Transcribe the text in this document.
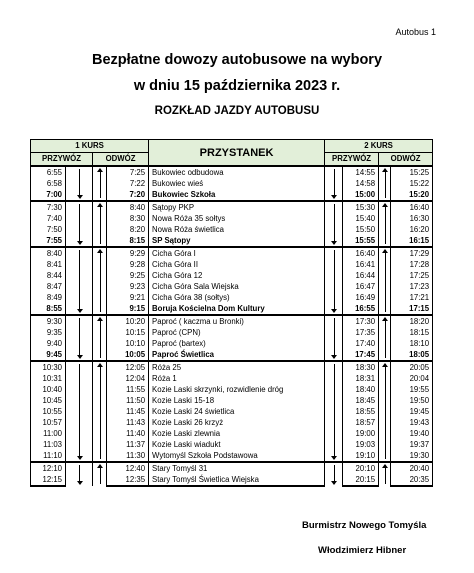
Autobus 1
Bezpłatne dowozy autobusowe na wybory
w dniu 15 października 2023 r.
ROZKŁAD JAZDY AUTOBUSU
1 KURS				PRZYSTANEK	2 KURS			
PRZYWÓZ		ODWÓZ			PRZYWÓZ		ODWÓZ	
6:55			7:25	Bukowiec odbudowa		14:55		15:25
6:58			7:22	Bukowiec wieś		14:58		15:22
7:00			7:20	Bukowiec Szkoła		15:00		15:20
7:30			8:40	Sątopy PKP		15:30		16:40
7:40			8:30	Nowa Róża 35 sołtys		15:40		16:30
7:50			8:20	Nowa Róża świetlica		15:50		16:20
7:55			8:15	SP Sątopy		15:55		16:15
8:40			9:29	Cicha Góra I		16:40		17:29
8:41			9:28	Cicha Góra II		16:41		17:28
8:44			9:25	Cicha Góra 12		16:44		17:25
8:47			9:23	Cicha Góra Sala Wiejska		16:47		17:23
8:49			9:21	Cicha Góra 38 (sołtys)		16:49		17:21
8:55			9:15	Boruja Kościelna Dom Kultury		16:55		17:15
9:30			10:20	Paproć ( kaczma u Bronki)		17:30		18:20
9:35			10:15	Paproć (CPN)		17:35		18:15
9:40			10:10	Paproć (bartex)		17:40		18:10
9:45			10:05	Paproć Świetlica		17:45		18:05
10:30			12:05	Róża 25		18:30		20:05
10:31			12:04	Róża 1		18:31		20:04
10:40			11:55	Kozie Laski skrzynki, rozwidlenie dróg		18:40		19:55
10:45			11:50	Kozie Laski 15-18		18:45		19:50
10:55			11:45	Kozie Laski 24 świetlica		18:55		19:45
10:57			11:43	Kozie Laski 26 krzyż		18:57		19:43
11:00			11:40	Kozie Laski zlewnia		19:00		19:40
11:03			11:37	Kozie Laski wiadukt		19:03		19:37
11:10			11:30	Wytomyśl Szkoła Podstawowa		19:10		19:30
12:10			12:40	Stary Tomyśl 31		20:10		20:40
12:15			12:35	Stary Tomyśl Świetlica Wiejska		20:15		20:35
Burmistrz Nowego Tomyśla
Włodzimierz Hibner
